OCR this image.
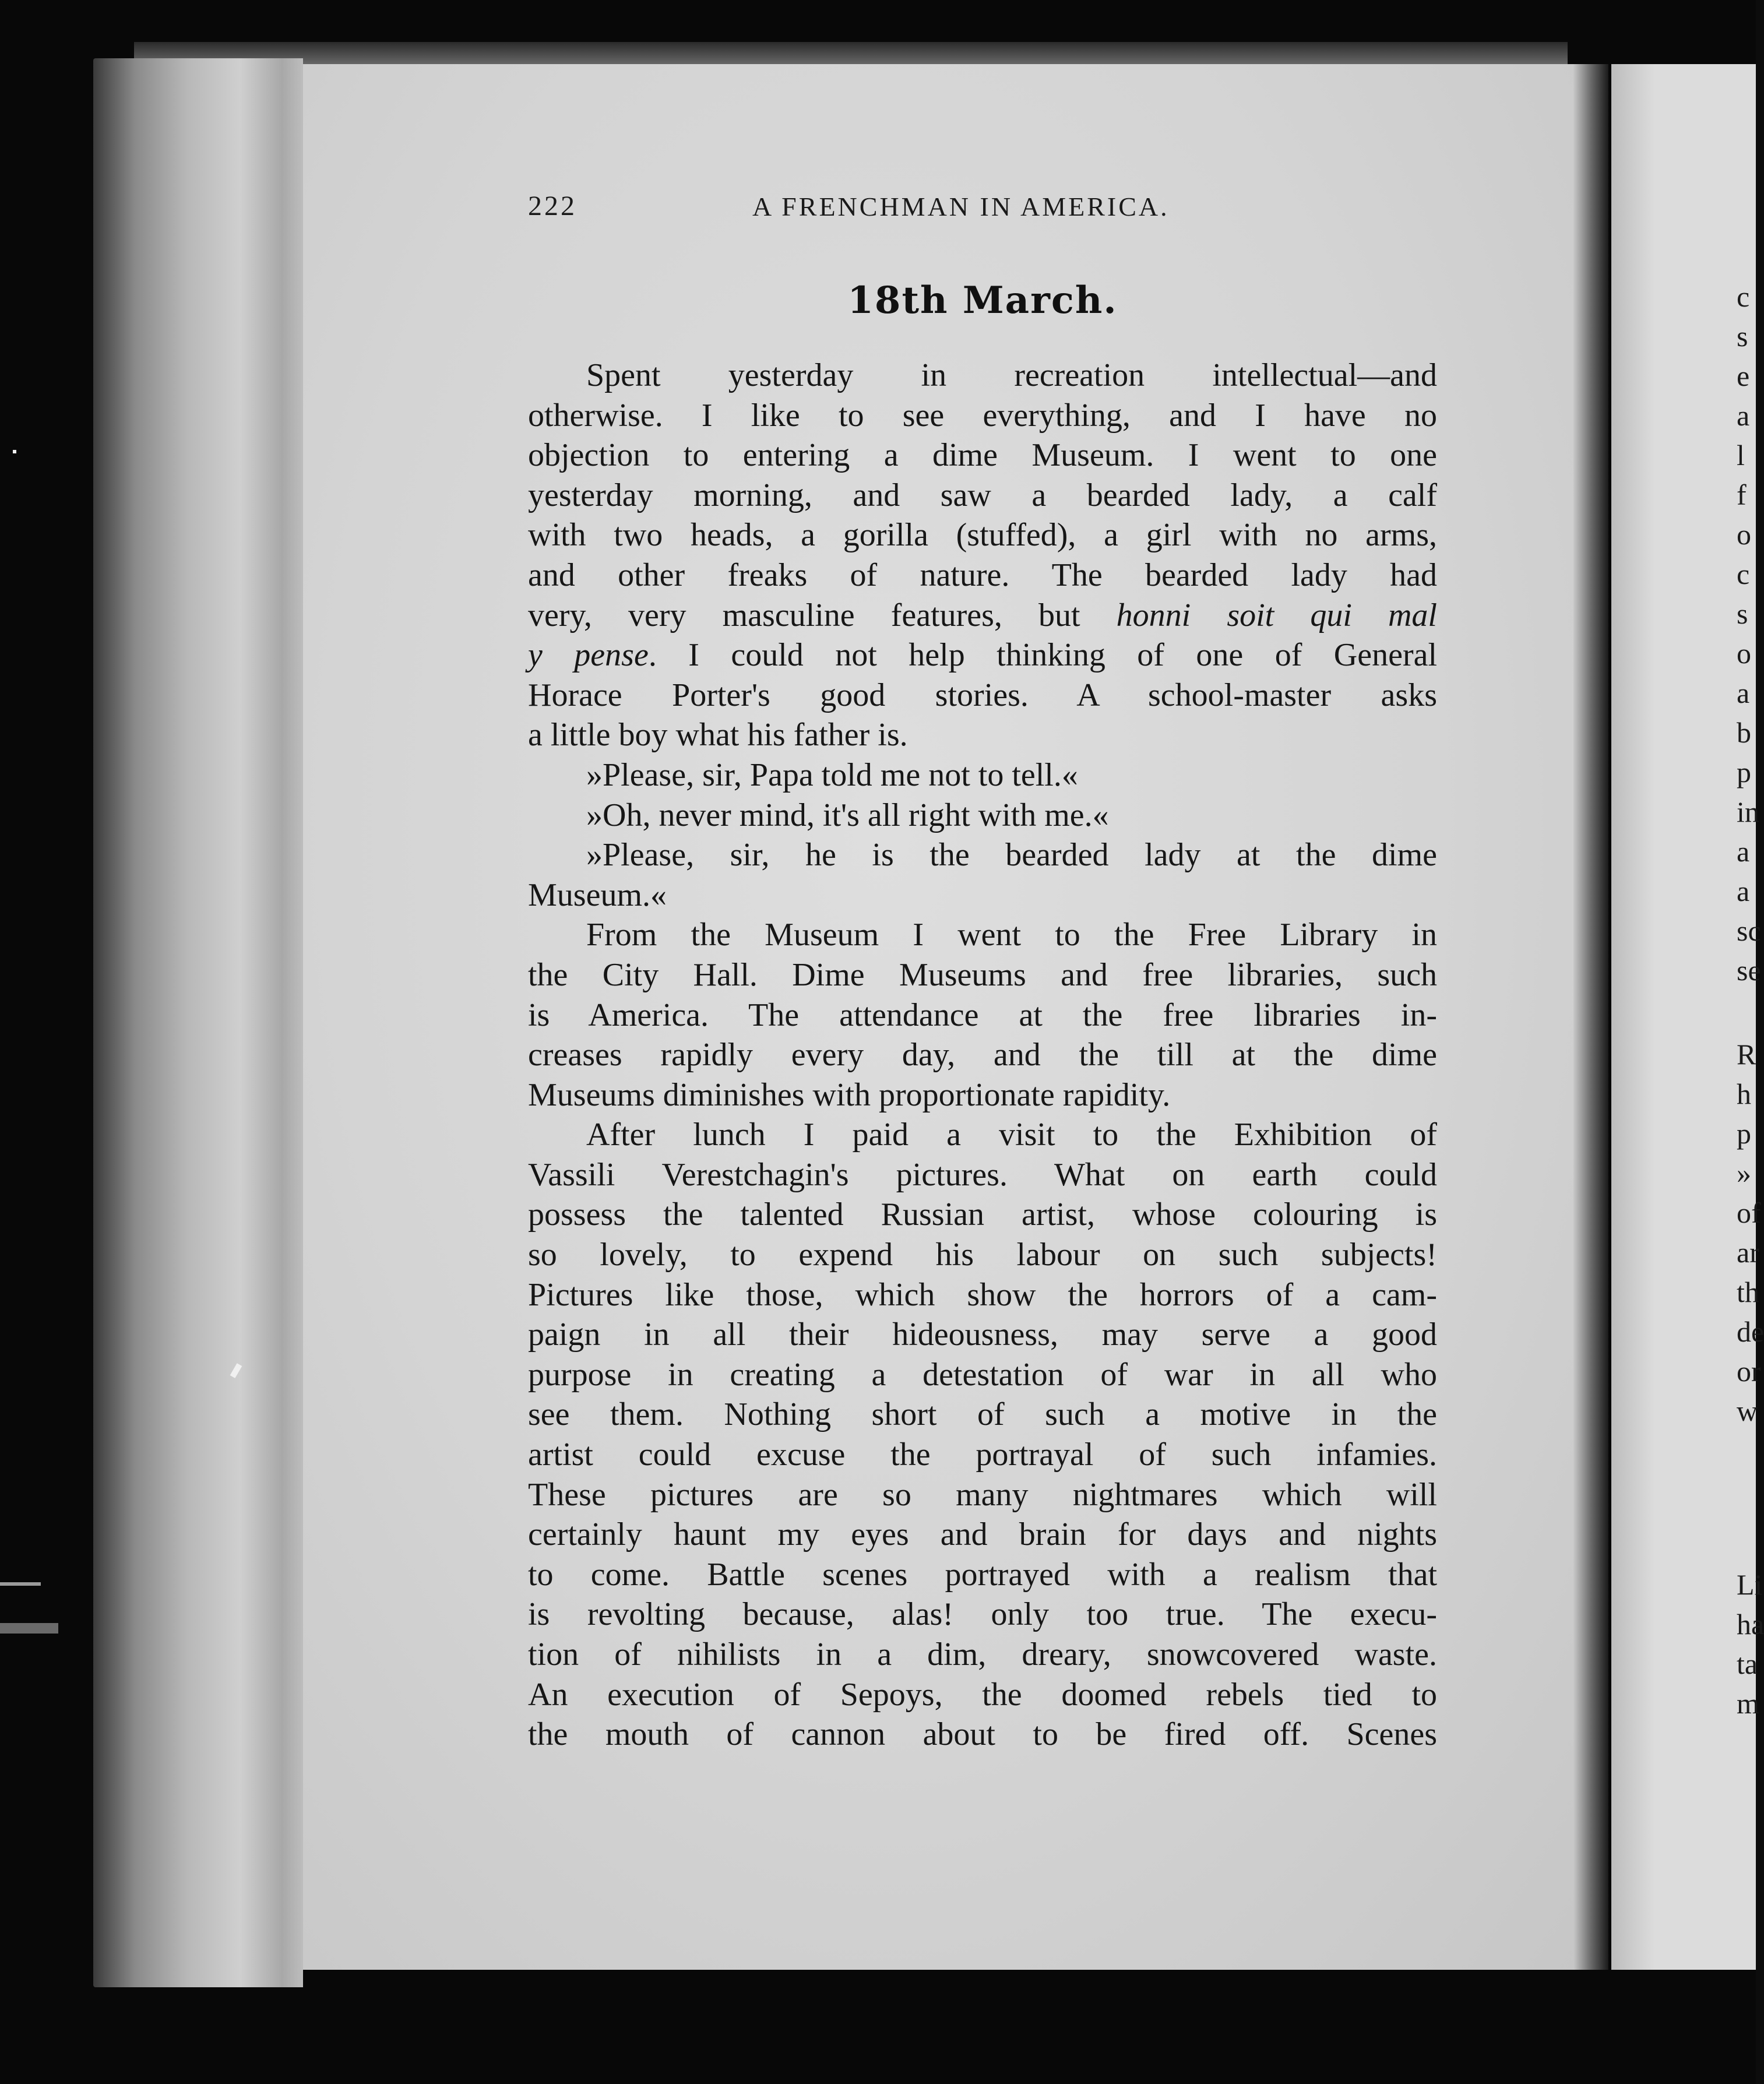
222	A FRENCHMAN IN AMERICA.
18th March.
Spent yesterday in recreation intellectual—and
otherwise. I like to see everything, and I have no
objection to entering a dime Museum. I went to one
yesterday morning, and saw a bearded lady, a calf
with two heads, a gorilla (stuffed), a girl with no arms,
and other freaks of nature. The bearded lady had
very, very masculine features, but honni soit qui mal
y pense. I could not help thinking of one of General
Horace Porter's good stories. A school-master asks
a little boy what his father is.
»Please, sir, Papa told me not to tell.«
»Oh, never mind, it's all right with me.«
»Please, sir, he is the bearded lady at the dime
Museum.«
From the Museum I went to the Free Library in
the City Hall. Dime Museums and free libraries, such
is America. The attendance at the free libraries in-
creases rapidly every day, and the till at the dime
Museums diminishes with proportionate rapidity.
After lunch I paid a visit to the Exhibition of
Vassili Verestchagin's pictures. What on earth could
possess the talented Russian artist, whose colouring is
so lovely, to expend his labour on such subjects!
Pictures like those, which show the horrors of a cam-
paign in all their hideousness, may serve a good
purpose in creating a detestation of war in all who
see them. Nothing short of such a motive in the
artist could excuse the portrayal of such infamies.
These pictures are so many nightmares which will
certainly haunt my eyes and brain for days and nights
to come. Battle scenes portrayed with a realism that
is revolting because, alas! only too true. The execu-
tion of nihilists in a dim, dreary, snowcovered waste.
An execution of Sepoys, the doomed rebels tied to
the mouth of cannon about to be fired off. Scenes
c
s
e
a
l
f
o
c
s
o
a
b
p
in
a
a
sc
se
R
h
p
»
of
ar
th
de
or
w
Li
ha
ta
m
